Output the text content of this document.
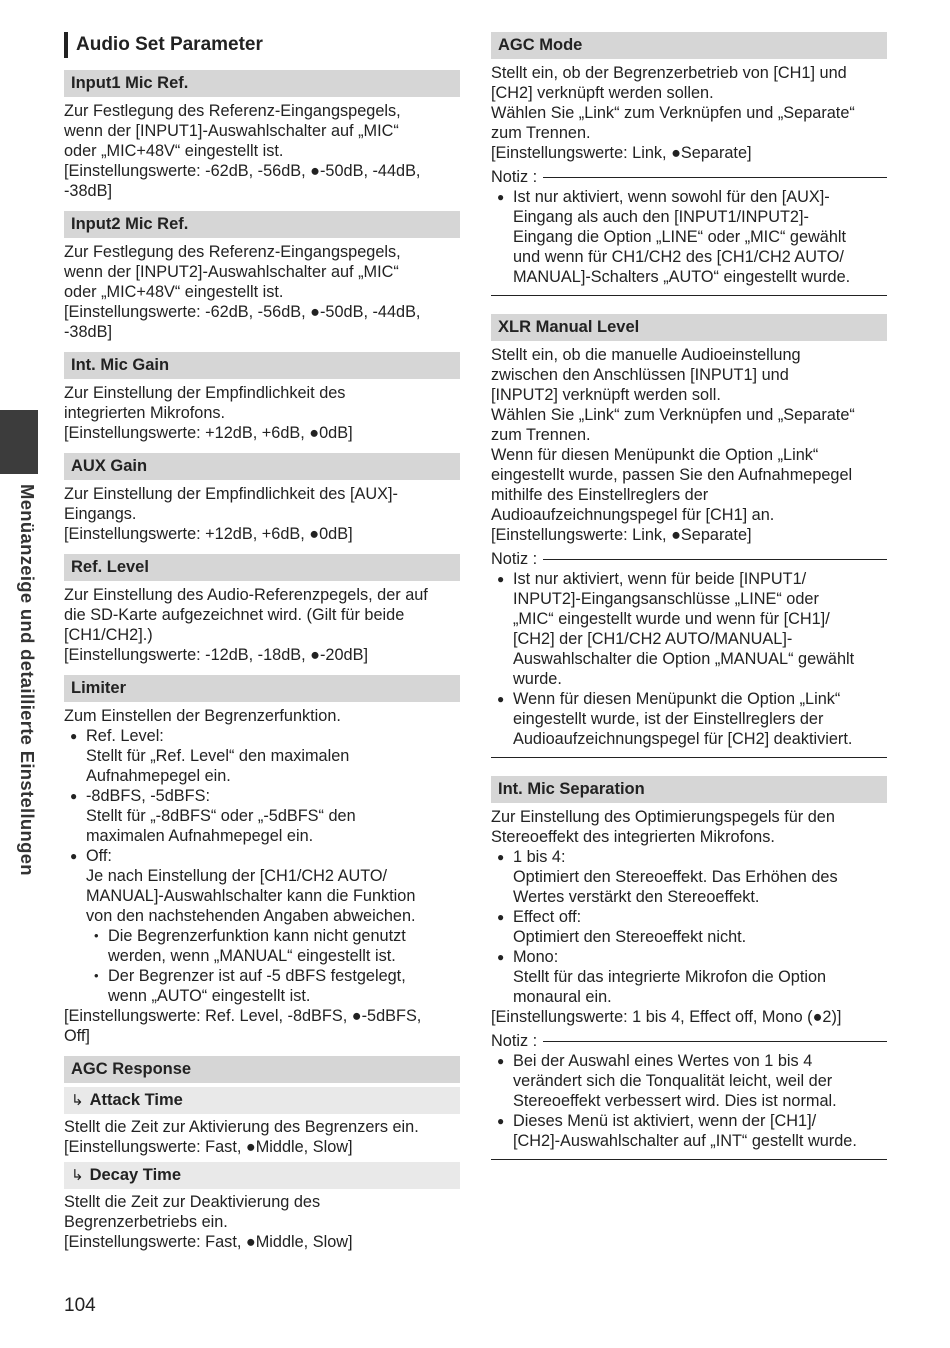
Menüanzeige und detaillierte Einstellungen
Audio Set Parameter
Input1 Mic Ref.

Zur Festlegung des Referenz-Eingangspegels,

wenn der [INPUT1]-Auswahlschalter auf „MIC“

oder „MIC+48V“ eingestellt ist.

[Einstellungswerte: -62dB, -56dB, ●-50dB, -44dB,

-38dB]

Input2 Mic Ref.

Zur Festlegung des Referenz-Eingangspegels,

wenn der [INPUT2]-Auswahlschalter auf „MIC“

oder „MIC+48V“ eingestellt ist.

[Einstellungswerte: -62dB, -56dB, ●-50dB, -44dB,

-38dB]

Int. Mic Gain

Zur Einstellung der Empfindlichkeit des

integrierten Mikrofons.

[Einstellungswerte: +12dB, +6dB, ●0dB]

AUX Gain

Zur Einstellung der Empfindlichkeit des [AUX]-

Eingangs.

[Einstellungswerte: +12dB, +6dB, ●0dB]

Ref. Level

Zur Einstellung des Audio-Referenzpegels, der auf

die SD-Karte aufgezeichnet wird. (Gilt für beide

[CH1/CH2].)

[Einstellungswerte: -12dB, -18dB, ●-20dB]

Limiter

Zum Einstellen der Begrenzerfunktion.

● Ref. Level:
Stellt für „Ref. Level“ den maximalen
Aufnahmepegel ein.
● -8dBFS, -5dBFS:
Stellt für „-8dBFS“ oder „-5dBFS“ den
maximalen Aufnahmepegel ein.
● Off:
Je nach Einstellung der [CH1/CH2 AUTO/
MANUAL]-Auswahlschalter kann die Funktion
von den nachstehenden Angaben abweichen.
• Die Begrenzerfunktion kann nicht genutzt
werden, wenn „MANUAL“ eingestellt ist.
• Der Begrenzer ist auf -5 dBFS festgelegt,
wenn „AUTO“ eingestellt ist.

[Einstellungswerte: Ref. Level, -8dBFS, ●-5dBFS,

Off]

AGC Response
↳ Attack Time

Stellt die Zeit zur Aktivierung des Begrenzers ein.

[Einstellungswerte: Fast, ●Middle, Slow]

↳ Decay Time

Stellt die Zeit zur Deaktivierung des

Begrenzerbetriebs ein.

[Einstellungswerte: Fast, ●Middle, Slow]

104
AGC Mode

Stellt ein, ob der Begrenzerbetrieb von [CH1] und

[CH2] verknüpft werden sollen.

Wählen Sie „Link“ zum Verknüpfen und „Separate“

zum Trennen.

[Einstellungswerte: Link, ●Separate]

Notiz :
● Ist nur aktiviert, wenn sowohl für den [AUX]-
Eingang als auch den [INPUT1/INPUT2]-
Eingang die Option „LINE“ oder „MIC“ gewählt
und wenn für CH1/CH2 des [CH1/CH2 AUTO/
MANUAL]-Schalters „AUTO“ eingestellt wurde.
XLR Manual Level

Stellt ein, ob die manuelle Audioeinstellung

zwischen den Anschlüssen [INPUT1] und

[INPUT2] verknüpft werden soll.

Wählen Sie „Link“ zum Verknüpfen und „Separate“

zum Trennen.

Wenn für diesen Menüpunkt die Option „Link“

eingestellt wurde, passen Sie den Aufnahmepegel

mithilfe des Einstellreglers der

Audioaufzeichnungspegel für [CH1] an.

[Einstellungswerte: Link, ●Separate]

Notiz :
● Ist nur aktiviert, wenn für beide [INPUT1/
INPUT2]-Eingangsanschlüsse „LINE“ oder
„MIC“ eingestellt wurde und wenn für [CH1]/
[CH2] der [CH1/CH2 AUTO/MANUAL]-
Auswahlschalter die Option „MANUAL“ gewählt
wurde.
● Wenn für diesen Menüpunkt die Option „Link“
eingestellt wurde, ist der Einstellreglers der
Audioaufzeichnungspegel für [CH2] deaktiviert.
Int. Mic Separation

Zur Einstellung des Optimierungspegels für den

Stereoeffekt des integrierten Mikrofons.

● 1 bis 4:
Optimiert den Stereoeffekt. Das Erhöhen des
Wertes verstärkt den Stereoeffekt.
● Effect off:
Optimiert den Stereoeffekt nicht.
● Mono:
Stellt für das integrierte Mikrofon die Option
monaural ein.

[Einstellungswerte: 1 bis 4, Effect off, Mono (●2)]

Notiz :
● Bei der Auswahl eines Wertes von 1 bis 4
verändert sich die Tonqualität leicht, weil der
Stereoeffekt verbessert wird. Dies ist normal.
● Dieses Menü ist aktiviert, wenn der [CH1]/
[CH2]-Auswahlschalter auf „INT“ gestellt wurde.
